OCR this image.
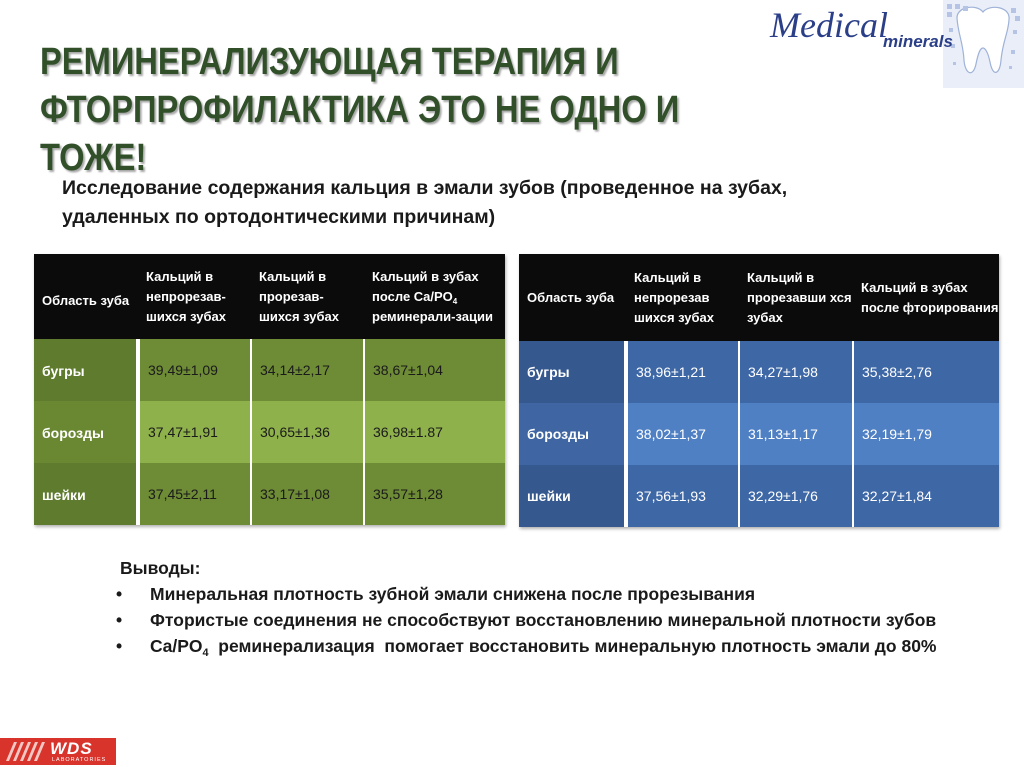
РЕМИНЕРАЛИЗУЮЩАЯ ТЕРАПИЯ И ФТОРПРОФИЛАКТИКА ЭТО НЕ ОДНО И ТОЖЕ!
Medical
minerals
Исследование содержания кальция в эмали зубов (проведенное на зубах, удаленных по ортодонтическими причинам)
Область зуба	Кальций в непрорезав-шихся зубах	Кальций в прорезав-шихся зубах	Кальций в зубах после $Ca/PO_4$ реминерали-зации
бугры	39,49±1,09	34,14±2,17	38,67±1,04
борозды	37,47±1,91	30,65±1,36	36,98±1.87
шейки	37,45±2,11	33,17±1,08	35,57±1,28
Область зуба	Кальций в непрорезав шихся зубах	Кальций в прорезавши хся зубах	Кальций в зубах после фторирования
бугры	38,96±1,21	34,27±1,98	35,38±2,76
борозды	38,02±1,37	31,13±1,17	32,19±1,79
шейки	37,56±1,93	32,29±1,76	32,27±1,84
Выводы:
• Минеральная плотность зубной эмали снижена после прорезывания
• Фтористые соединения не способствуют восстановлению минеральной плотности зубов
• $Ca/PO_4$  реминерализация  помогает восстановить минеральную плотность эмали до 80%
WDS
LABORATORIES
